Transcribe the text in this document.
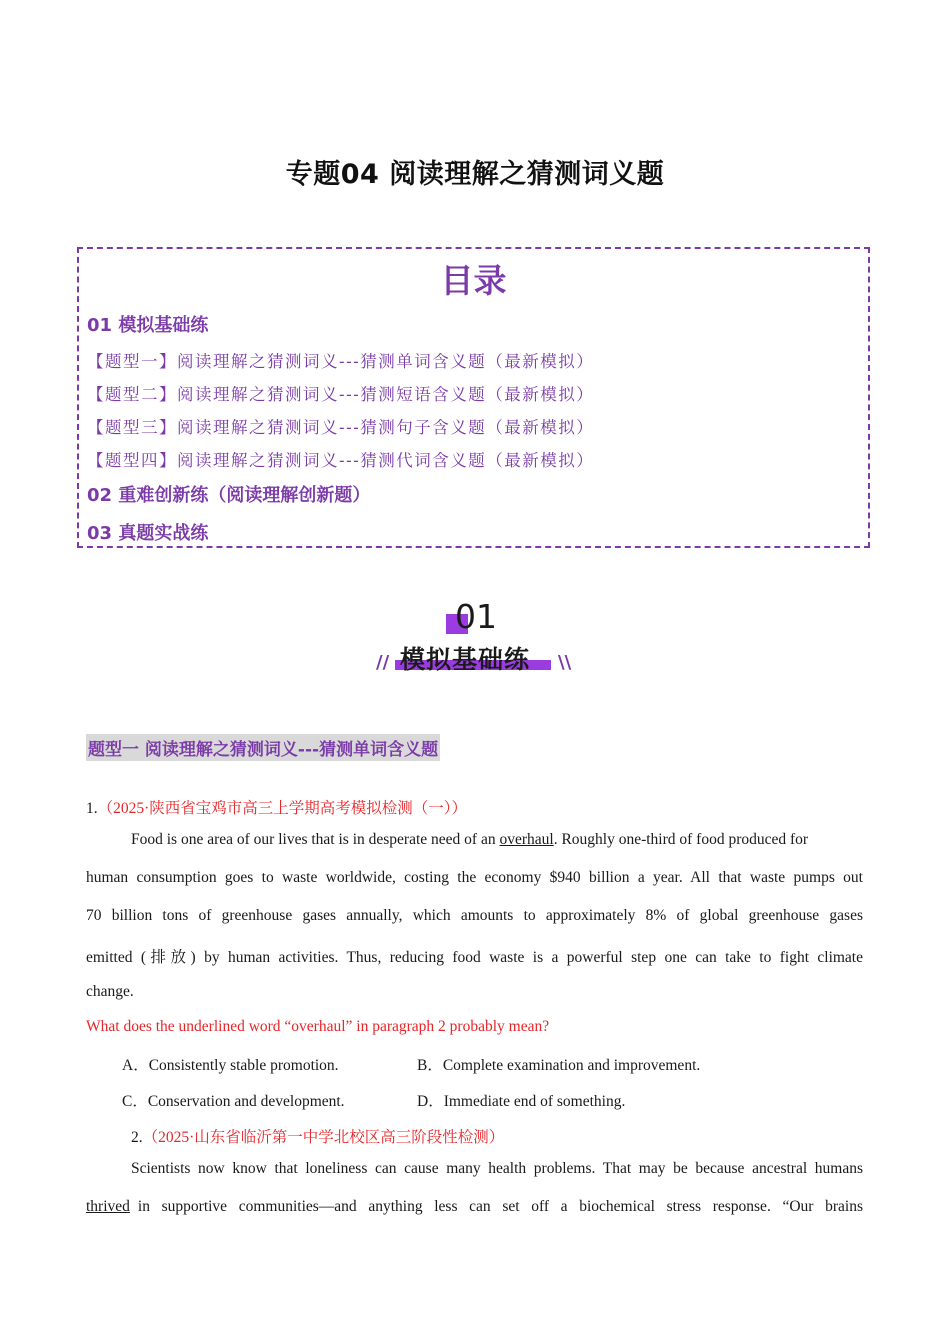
专题04 阅读理解之猜测词义题
目录
01 模拟基础练
【题型一】阅读理解之猜测词义---猜测单词含义题（最新模拟）
【题型二】阅读理解之猜测词义---猜测短语含义题（最新模拟）
【题型三】阅读理解之猜测词义---猜测句子含义题（最新模拟）
【题型四】阅读理解之猜测词义---猜测代词含义题（最新模拟）
02 重难创新练（阅读理解创新题）
03 真题实战练
01
// 模拟基础练 \\
题型一 阅读理解之猜测词义---猜测单词含义题
1.（2025·陕西省宝鸡市高三上学期高考模拟检测（一））
Food is one area of our lives that is in desperate need of an overhaul. Roughly one-third of food produced for
human consumption goes to waste worldwide, costing the economy $940 billion a year. All that waste pumps out
70 billion tons of greenhouse gases annually, which amounts to approximately 8% of global greenhouse gases
emitted (排放) by human activities. Thus, reducing food waste is a powerful step one can take to fight climate
change.
What does the underlined word “overhaul” in paragraph 2 probably mean?
A．Consistently stable promotion.	B．Complete examination and improvement.
C．Conservation and development.	D．Immediate end of something.
2.（2025·山东省临沂第一中学北校区高三阶段性检测）
Scientists now know that loneliness can cause many health problems. That may be because ancestral humans
thrived in supportive communities—and anything less can set off a biochemical stress response. “Our brains
